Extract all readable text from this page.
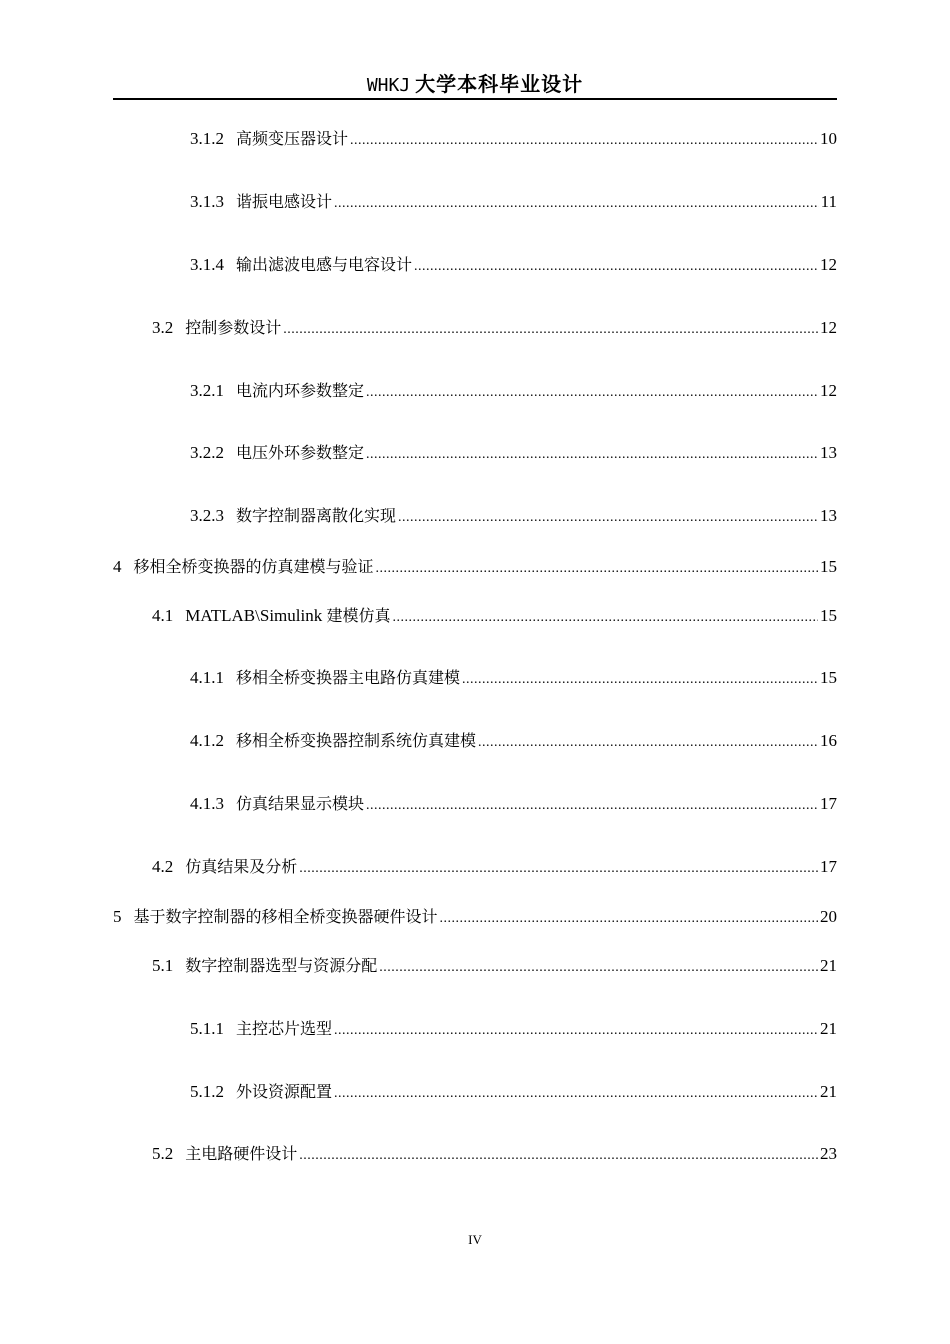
WHKJ 大学本科毕业设计
3.1.2 高频变压器设计 .....	10
3.1.3 谐振电感设计 .....	11
3.1.4 输出滤波电感与电容设计 .....	12
3.2 控制参数设计 .....	12
3.2.1 电流内环参数整定 .....	12
3.2.2 电压外环参数整定 .....	13
3.2.3 数字控制器离散化实现 .....	13
4 移相全桥变换器的仿真建模与验证 .....	15
4.1 MATLAB\Simulink 建模仿真 .....	15
4.1.1 移相全桥变换器主电路仿真建模 .....	15
4.1.2 移相全桥变换器控制系统仿真建模 .....	16
4.1.3 仿真结果显示模块 .....	17
4.2 仿真结果及分析 .....	17
5 基于数字控制器的移相全桥变换器硬件设计 .....	20
5.1 数字控制器选型与资源分配 .....	21
5.1.1 主控芯片选型 .....	21
5.1.2 外设资源配置 .....	21
5.2 主电路硬件设计 .....	23
IV
